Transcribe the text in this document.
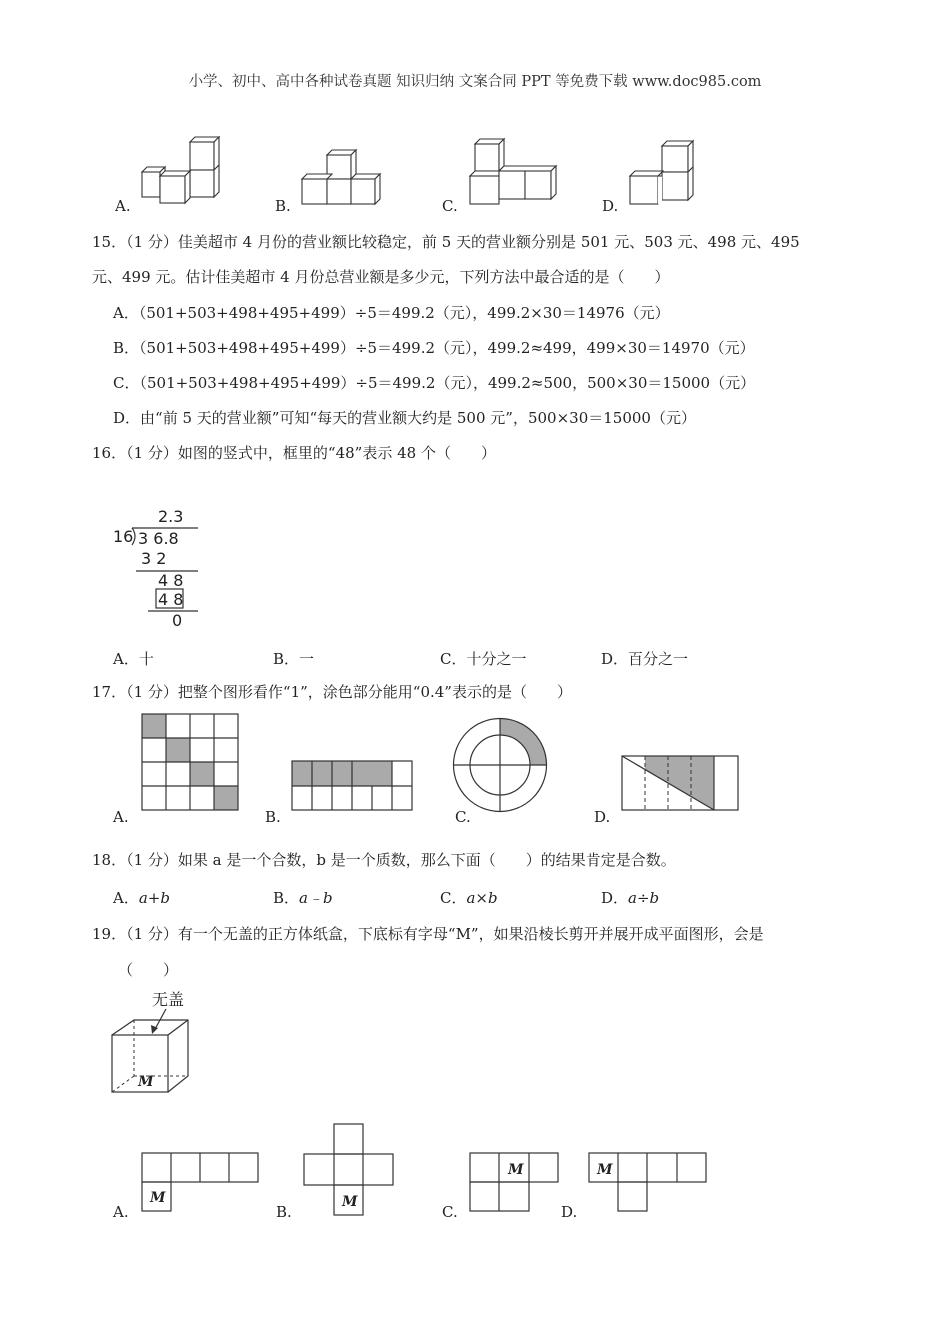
小学、初中、高中各种试卷真题 知识归纳 文案合同 PPT 等免费下载 www.doc985.com
A.	B.	C.	D.
15．（1 分）佳美超市 4 月份的营业额比较稳定，前 5 天的营业额分别是 501 元、503 元、498 元、495
元、499 元。估计佳美超市 4 月份总营业额是多少元，下列方法中最合适的是（　　）
A．（501+503+498+495+499）÷5＝499.2（元），499.2×30＝14976（元）
B．（501+503+498+495+499）÷5＝499.2（元），499.2≈499，499×30＝14970（元）
C．（501+503+498+495+499）÷5＝499.2（元），499.2≈500，500×30＝15000（元）
D．由“前 5 天的营业额”可知“每天的营业额大约是 500 元”，500×30＝15000（元）
16．（1 分）如图的竖式中，框里的“48”表示 48 个（　　）
2.3
16 3 6.8
3 2
4 8
4 8
0
A．十	B．一	C．十分之一	D．百分之一
17．（1 分）把整个图形看作“1”，涂色部分能用“0.4”表示的是（　　）
A.	B.	C.	D.
18．（1 分）如果 a 是一个合数，b 是一个质数，那么下面（　　）的结果肯定是合数。
A．a+b	B．a﹣b	C．a×b	D．a÷b
19．（1 分）有一个无盖的正方体纸盒，下底标有字母“M”，如果沿棱长剪开并展开成平面图形，会是
（　　）
无盖
M
M
A.
M
B.
M
C.
M
D.
